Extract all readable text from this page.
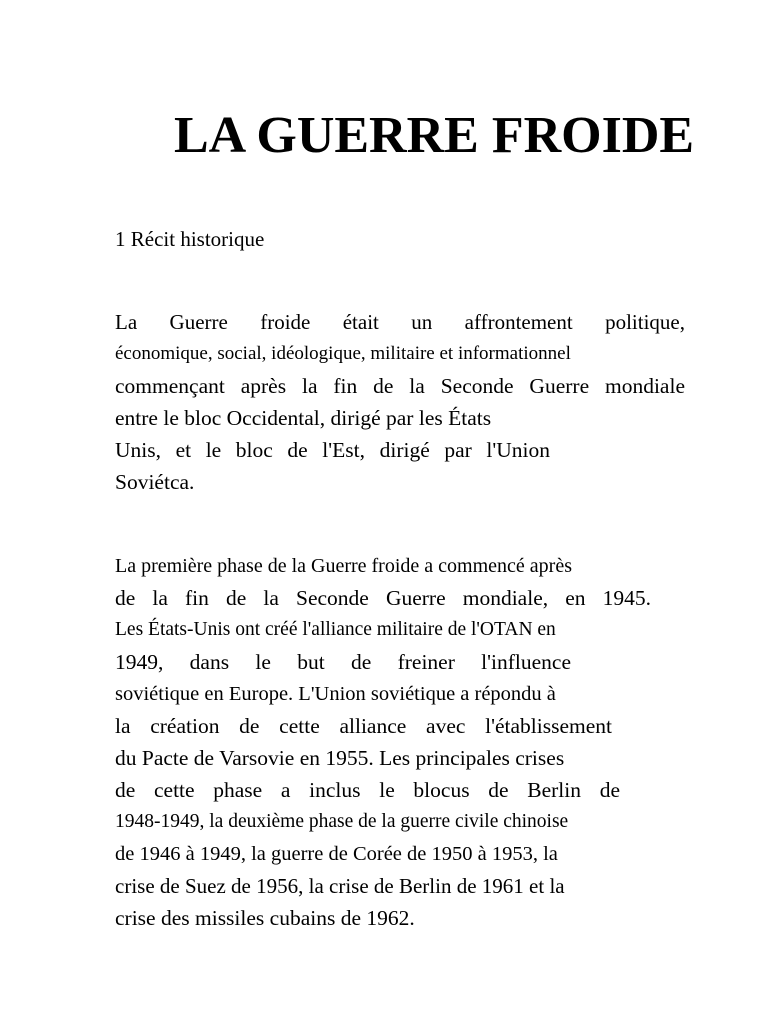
LA GUERRE FROIDE
1 Récit historique
La Guerre froide était un affrontement politique,
économique, social, idéologique, militaire et informationnel
commençant après la fin de la Seconde Guerre mondiale
entre le bloc Occidental, dirigé par les États
Unis, et le bloc de l'Est, dirigé par l'Union
Soviétca.
La première phase de la Guerre froide a commencé après
de la fin de la Seconde Guerre mondiale, en 1945.
Les États-Unis ont créé l'alliance militaire de l'OTAN en
1949, dans le but de freiner l'influence
soviétique en Europe. L'Union soviétique a répondu à
la création de cette alliance avec l'établissement
du Pacte de Varsovie en 1955. Les principales crises
de cette phase a inclus le blocus de Berlin de
1948-1949, la deuxième phase de la guerre civile chinoise
de 1946 à 1949, la guerre de Corée de 1950 à 1953, la
crise de Suez de 1956, la crise de Berlin de 1961 et la
crise des missiles cubains de 1962.
